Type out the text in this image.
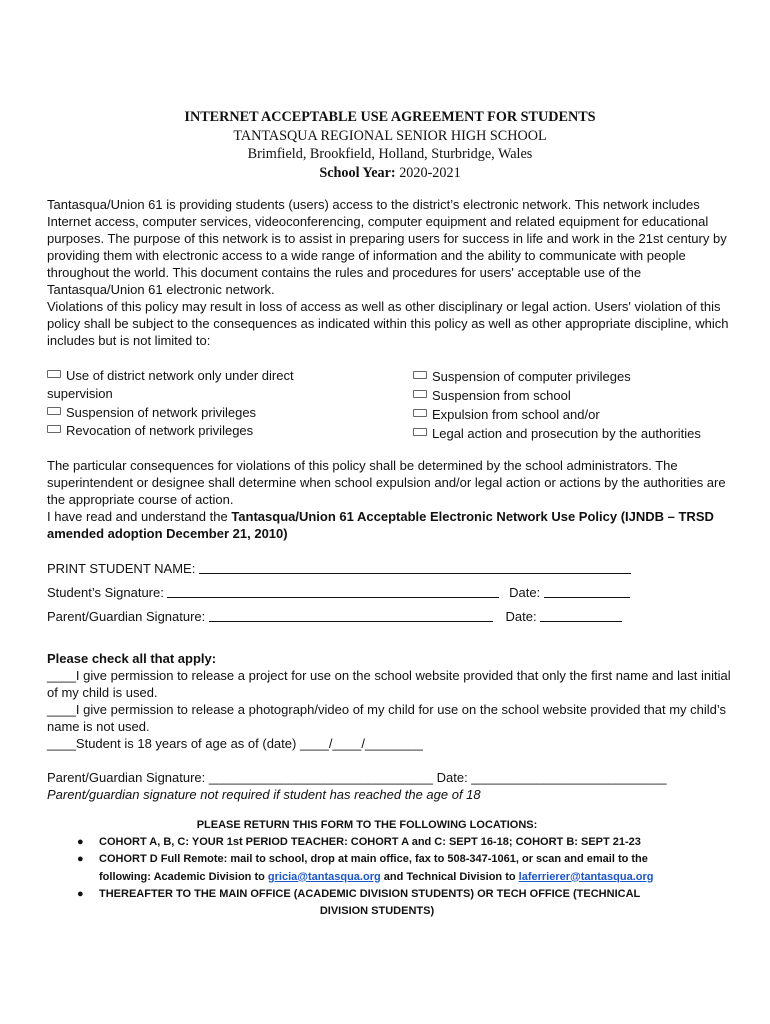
INTERNET ACCEPTABLE USE AGREEMENT FOR STUDENTS
TANTASQUA REGIONAL SENIOR HIGH SCHOOL
Brimfield, Brookfield, Holland, Sturbridge, Wales
School Year: 2020-2021

Tantasqua/Union 61 is providing students (users) access to the district’s electronic network. This network includes Internet access, computer services, videoconferencing, computer equipment and related equipment for educational purposes. The purpose of this network is to assist in preparing users for success in life and work in the 21st century by providing them with electronic access to a wide range of information and the ability to communicate with people throughout the world. This document contains the rules and procedures for users' acceptable use of the Tantasqua/Union 61 electronic network.

Violations of this policy may result in loss of access as well as other disciplinary or legal action. Users' violation of this policy shall be subject to the consequences as indicated within this policy as well as other appropriate discipline, which includes but is not limited to:

Use of district network only under direct supervision
Suspension of network privileges
Revocation of network privileges
Suspension of computer privileges
Suspension from school
Expulsion from school and/or
Legal action and prosecution by the authorities

The particular consequences for violations of this policy shall be determined by the school administrators. The superintendent or designee shall determine when school expulsion and/or legal action or actions by the authorities are the appropriate course of action.

I have read and understand the Tantasqua/Union 61 Acceptable Electronic Network Use Policy (IJNDB – TRSD amended adoption December 21, 2010)

PRINT STUDENT NAME:
Student’s Signature:	Date:
Parent/Guardian Signature:	Date:

Please check all that apply:

____I give permission to release a project for use on the school website provided that only the first name and last initial of my child is used.

____I give permission to release a photograph/video of my child for use on the school website provided that my child’s name is not used.

____Student is 18 years of age as of (date) ____/____/________

Parent/Guardian Signature: _______________________________ Date: ___________________________

Parent/guardian signature not required if student has reached the age of 18

PLEASE RETURN THIS FORM TO THE FOLLOWING LOCATIONS:
● COHORT A, B, C: YOUR 1st PERIOD TEACHER: COHORT A and C: SEPT 16-18; COHORT B: SEPT 21-23
● COHORT D Full Remote: mail to school, drop at main office, fax to 508-347-1061, or scan and email to the
following: Academic Division to gricia@tantasqua.org and Technical Division to laferrierer@tantasqua.org
● THEREAFTER TO THE MAIN OFFICE (ACADEMIC DIVISION STUDENTS) OR TECH OFFICE (TECHNICAL
DIVISION STUDENTS)
